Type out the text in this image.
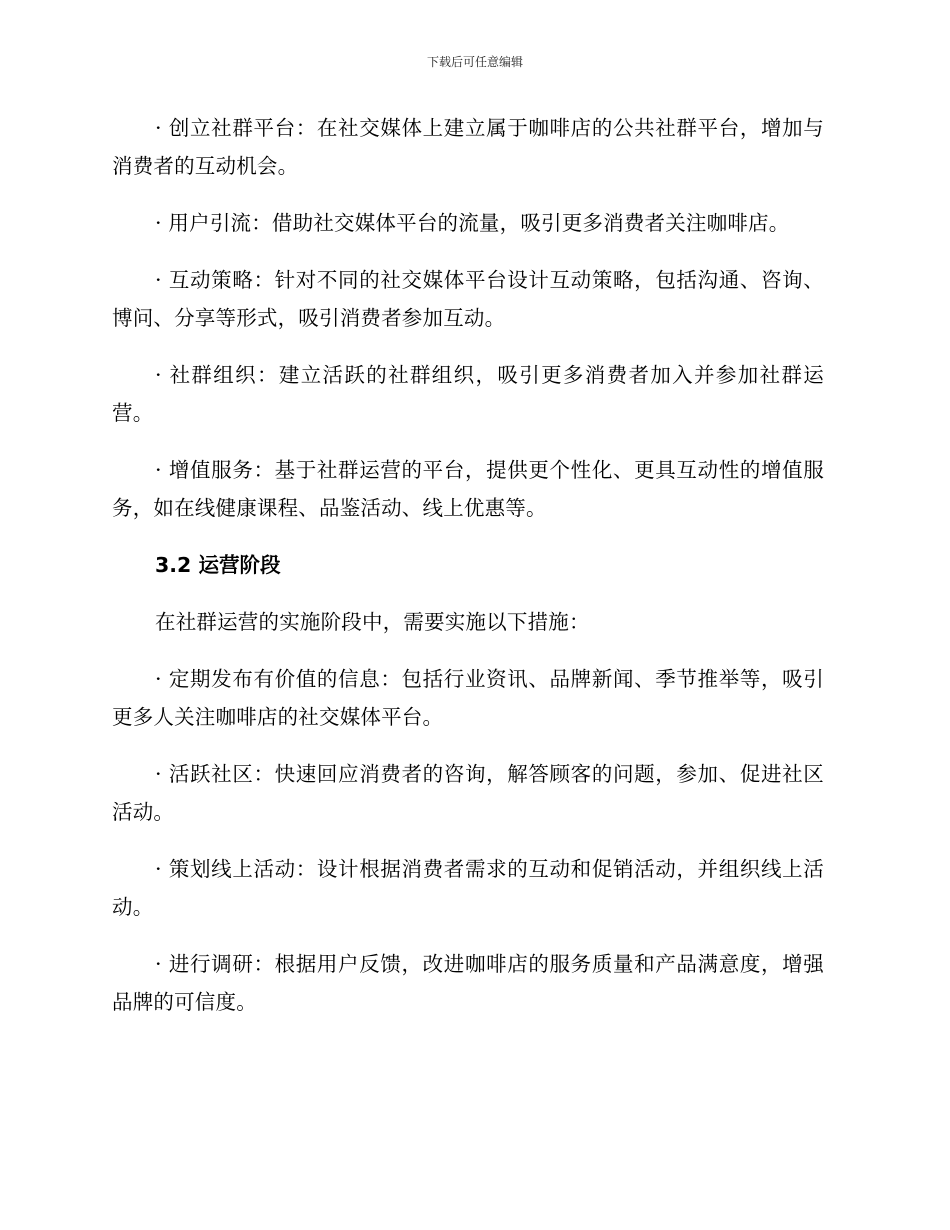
下载后可任意编辑

· 创立社群平台：在社交媒体上建立属于咖啡店的公共社群平台，增加与消费者的互动机会。

· 用户引流：借助社交媒体平台的流量，吸引更多消费者关注咖啡店。

· 互动策略：针对不同的社交媒体平台设计互动策略，包括沟通、咨询、博问、分享等形式，吸引消费者参加互动。

· 社群组织：建立活跃的社群组织，吸引更多消费者加入并参加社群运营。

· 增值服务：基于社群运营的平台，提供更个性化、更具互动性的增值服务，如在线健康课程、品鉴活动、线上优惠等。

3.2 运营阶段

在社群运营的实施阶段中，需要实施以下措施：

· 定期发布有价值的信息：包括行业资讯、品牌新闻、季节推举等，吸引更多人关注咖啡店的社交媒体平台。

· 活跃社区：快速回应消费者的咨询，解答顾客的问题，参加、促进社区活动。

· 策划线上活动：设计根据消费者需求的互动和促销活动，并组织线上活动。

· 进行调研：根据用户反馈，改进咖啡店的服务质量和产品满意度，增强品牌的可信度。
